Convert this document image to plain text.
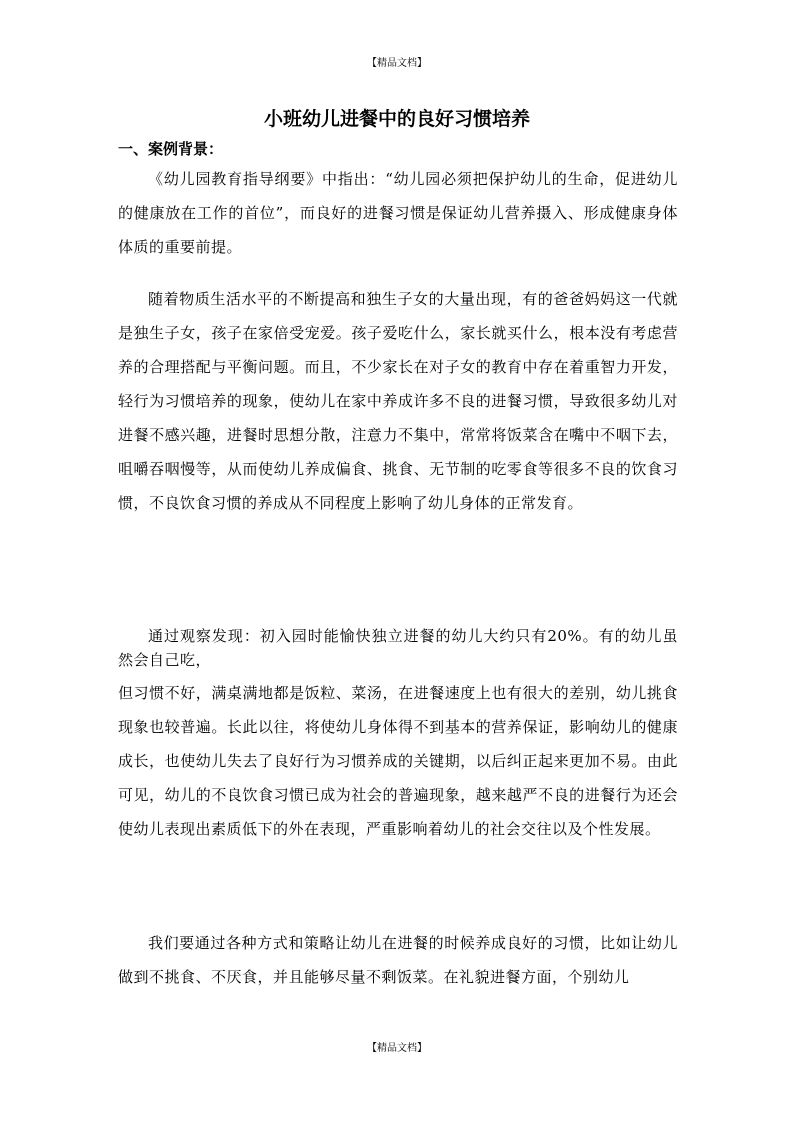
【精品文档】
小班幼儿进餐中的良好习惯培养
一、案例背景：

《幼儿园教育指导纲要》中指出：“幼儿园必须把保护幼儿的生命，促进幼儿的健康放在工作的首位”，而良好的进餐习惯是保证幼儿营养摄入、形成健康身体体质的重要前提。

随着物质生活水平的不断提高和独生子女的大量出现，有的爸爸妈妈这一代就是独生子女，孩子在家倍受宠爱。孩子爱吃什么，家长就买什么，根本没有考虑营养的合理搭配与平衡问题。而且，不少家长在对子女的教育中存在着重智力开发，轻行为习惯培养的现象，使幼儿在家中养成许多不良的进餐习惯，导致很多幼儿对进餐不感兴趣，进餐时思想分散，注意力不集中，常常将饭菜含在嘴中不咽下去，咀嚼吞咽慢等，从而使幼儿养成偏食、挑食、无节制的吃零食等很多不良的饮食习惯，不良饮食习惯的养成从不同程度上影响了幼儿身体的正常发育。

通过观察发现：初入园时能愉快独立进餐的幼儿大约只有20%。有的幼儿虽然会自己吃，
但习惯不好，满桌满地都是饭粒、菜汤，在进餐速度上也有很大的差别，幼儿挑食现象也较普遍。长此以往，将使幼儿身体得不到基本的营养保证，影响幼儿的健康成长，也使幼儿失去了良好行为习惯养成的关键期，以后纠正起来更加不易。由此可见，幼儿的不良饮食习惯已成为社会的普遍现象，越来越严不良的进餐行为还会使幼儿表现出素质低下的外在表现，严重影响着幼儿的社会交往以及个性发展。

我们要通过各种方式和策略让幼儿在进餐的时候养成良好的习惯，比如让幼儿做到不挑食、不厌食，并且能够尽量不剩饭菜。在礼貌进餐方面，个别幼儿

【精品文档】
